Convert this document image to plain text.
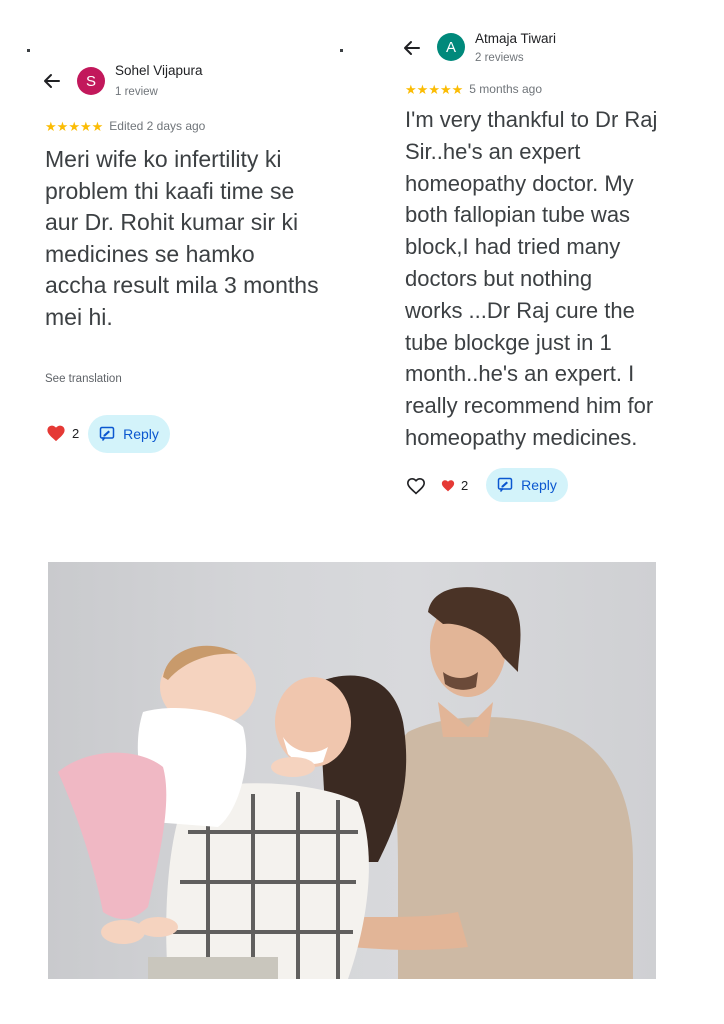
S
Sohel Vijapura
1 review
★ ★ ★ ★ ★ Edited 2 days ago
Meri wife ko infertility ki
problem thi kaafi time se
aur Dr. Rohit kumar sir ki
medicines se hamko
accha result mila 3 months
mei hi.
See translation
2	Reply
A Atmaja Tiwari
2 reviews
★ ★ ★ ★ ★ 5 months ago
I'm very thankful to Dr Raj
Sir..he's an expert
homeopathy doctor. My
both fallopian tube was
block,I had tried many
doctors but nothing
works ...Dr Raj cure the
tube blockge just in 1
month..he's an expert. I
really recommend him for
homeopathy medicines.
2	Reply
